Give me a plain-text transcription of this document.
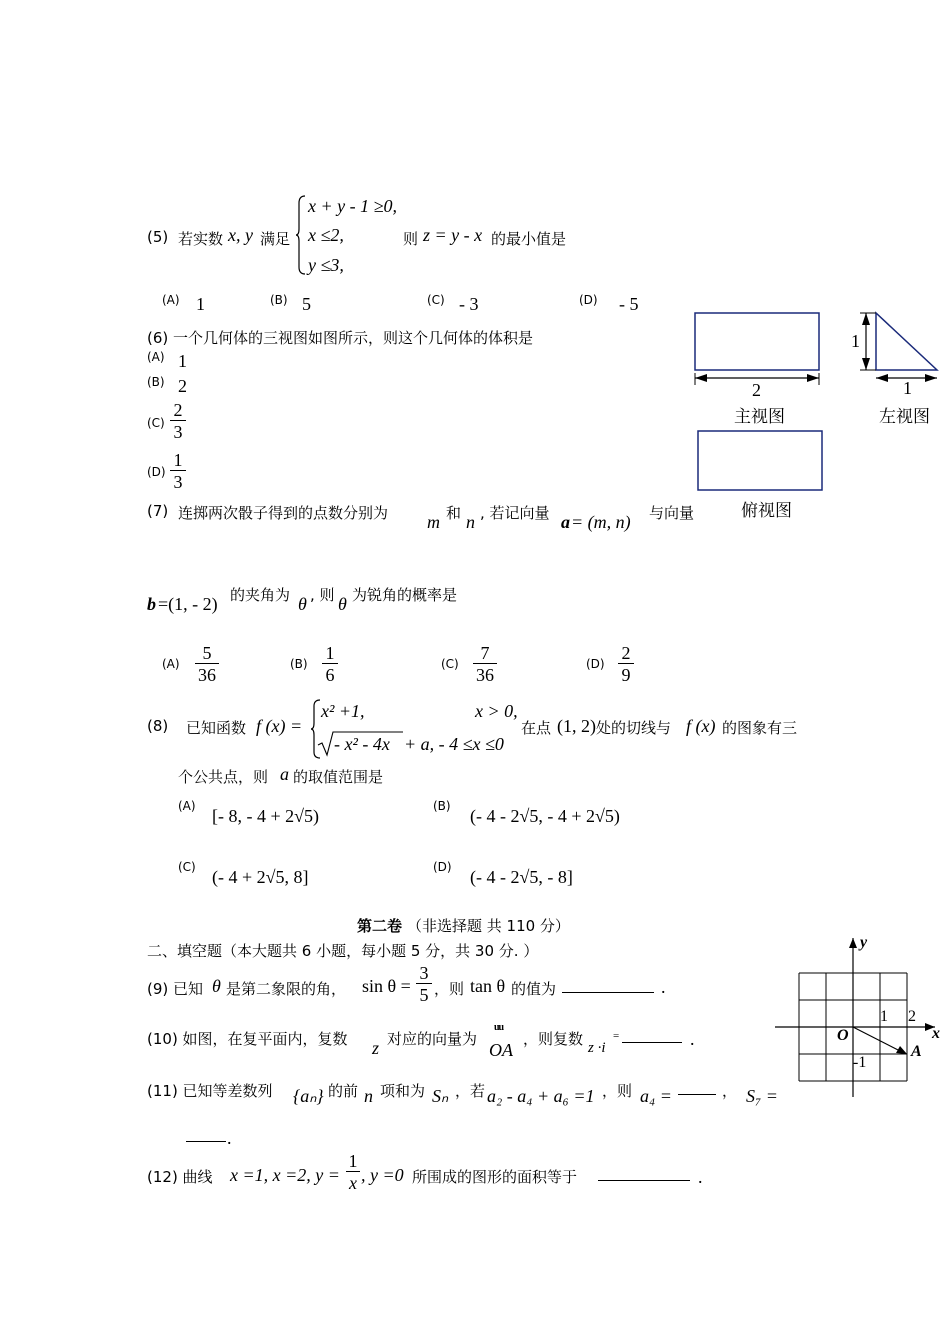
(5) 若实数 x, y 满足
x + y - 1 ≥0,
x ≤2,
y ≤3,
则 z = y - x 的最小值是
(A) 1	(B) 5	(C) - 3	(D) - 5
(6) 一个几何体的三视图如图所示，则这个几何体的体积是
(A) 1
(B) 2
(C)
2
3
(D)
1
3
2
主视图
1
1
左视图
俯视图
(7) 连掷两次骰子得到的点数分别为 m 和 n , 若记向量 a = (m, n) 与向量
b =(1, - 2) 的夹角为 θ , 则 θ 为锐角的概率是
(A)
5
36
(B)
1
6
(C)
7
36
(D)
2
9
(8) 已知函数 f (x) =
x² +1,	x > 0,
- x² - 4x + a, - 4 ≤x ≤0
在点 (1, 2) 处的切线与 f (x) 的图象有三
个公共点，则 a 的取值范围是
(A) [- 8, - 4 + 2√5)	(B) (- 4 - 2√5, - 4 + 2√5)
(C) (- 4 + 2√5, 8]	(D) (- 4 - 2√5, - 8]
第二卷 （非选择题 共 110 分）
二、填空题（本大题共 6 小题，每小题 5 分，共 30 分. ）
(9) 已知 θ 是第二象限的角， sin θ =
3
5 ，则 tan θ 的值为	.
(10) 如图，在复平面内，复数 z 对应的向量为
uu
OA
，则复数 z ·i
=	.
(11) 已知等差数列 {aₙ} 的前 n 项和为 Sₙ ，若 a₂ - a₄ + a₆ =1 ，则 a₄ =	， S₇ =
.
(12) 曲线 x =1, x =2, y =
1
x , y =0 所围成的图形的面积等于	.
y
x
O
A
1 2
-1
